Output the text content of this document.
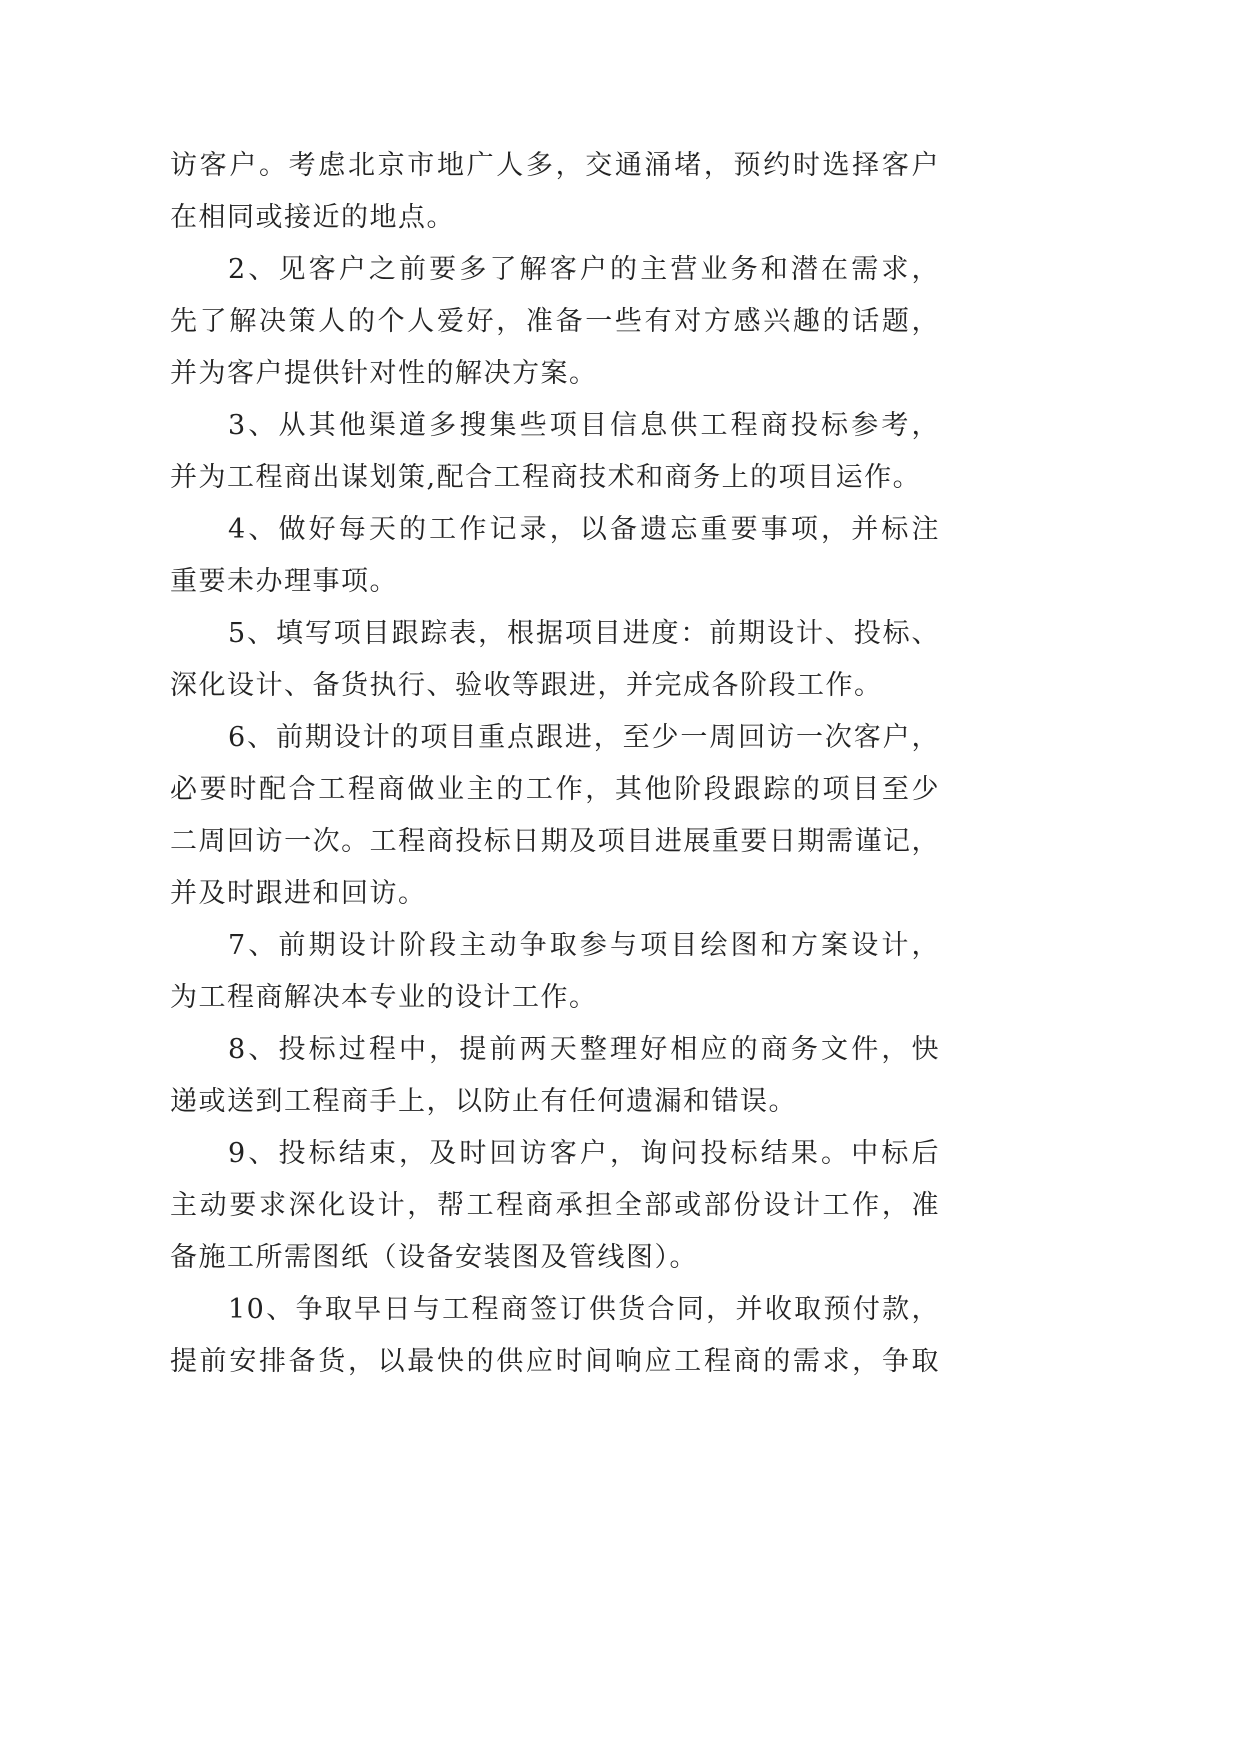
访客户。考虑北京市地广人多，交通涌堵，预约时选择客户
在相同或接近的地点。
2、见客户之前要多了解客户的主营业务和潜在需求，
先了解决策人的个人爱好，准备一些有对方感兴趣的话题，
并为客户提供针对性的解决方案。
3、从其他渠道多搜集些项目信息供工程商投标参考，
并为工程商出谋划策,配合工程商技术和商务上的项目运作。
4、做好每天的工作记录，以备遗忘重要事项，并标注
重要未办理事项。
5、填写项目跟踪表，根据项目进度：前期设计、投标、
深化设计、备货执行、验收等跟进，并完成各阶段工作。
6、前期设计的项目重点跟进，至少一周回访一次客户，
必要时配合工程商做业主的工作，其他阶段跟踪的项目至少
二周回访一次。工程商投标日期及项目进展重要日期需谨记，
并及时跟进和回访。
7、前期设计阶段主动争取参与项目绘图和方案设计，
为工程商解决本专业的设计工作。
8、投标过程中，提前两天整理好相应的商务文件，快
递或送到工程商手上，以防止有任何遗漏和错误。
9、投标结束，及时回访客户，询问投标结果。中标后
主动要求深化设计，帮工程商承担全部或部份设计工作，准
备施工所需图纸（设备安装图及管线图）。
10、争取早日与工程商签订供货合同，并收取预付款，
提前安排备货，以最快的供应时间响应工程商的需求，争取
